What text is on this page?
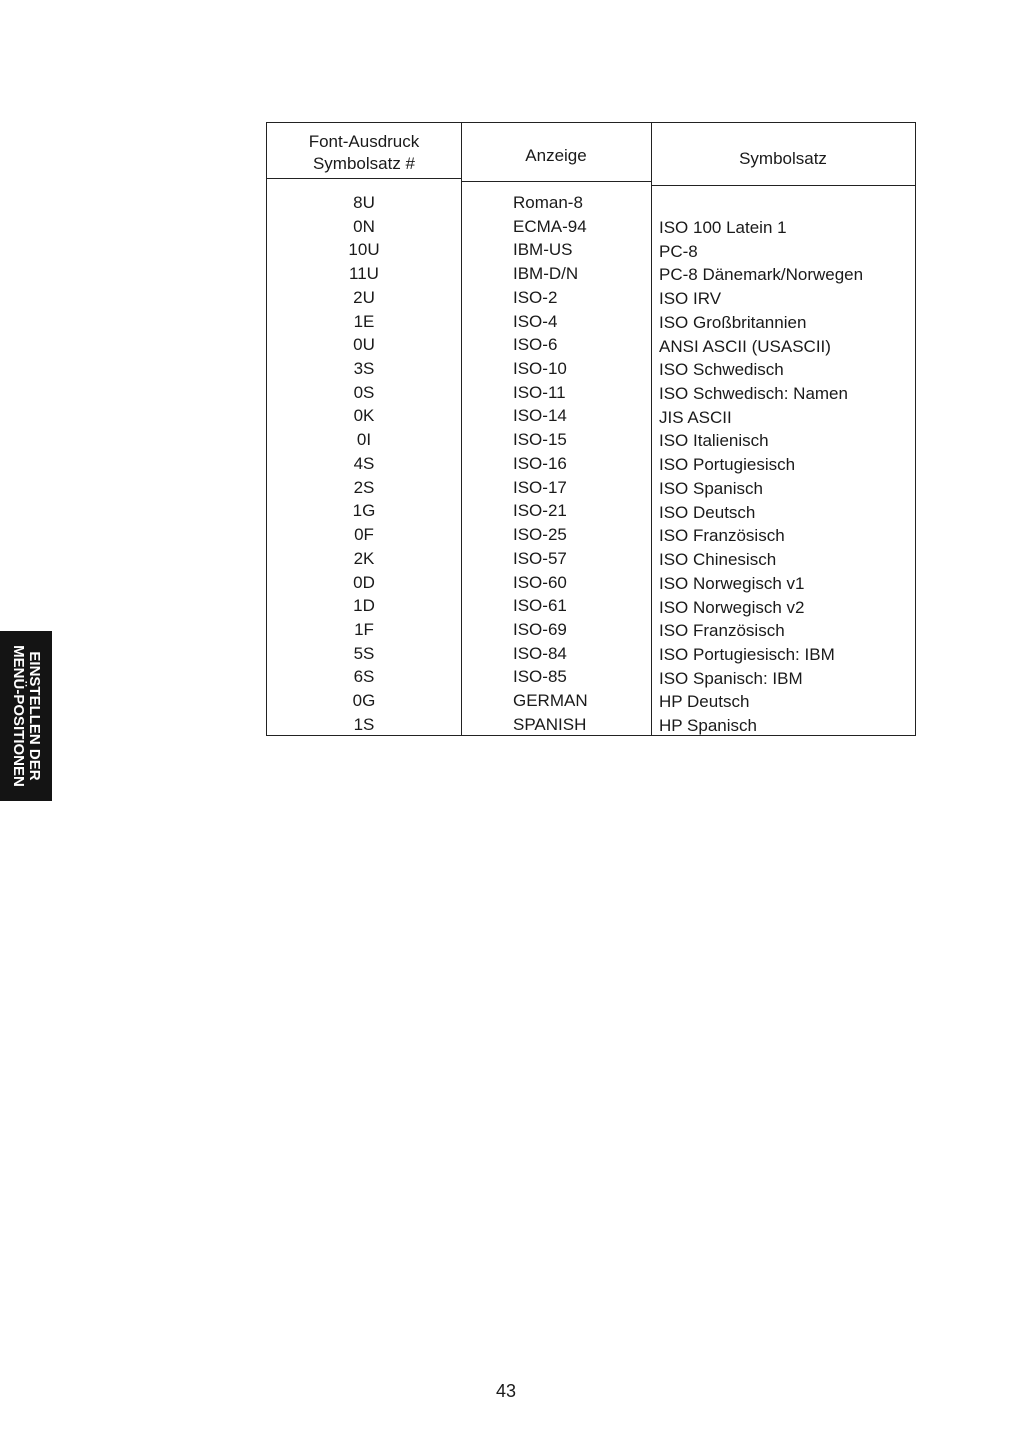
Font-Ausdruck
Symbolsatz #	Anzeige	Symbolsatz
8U
0N
10U
11U
2U
1E
0U
3S
0S
0K
0I
4S
2S
1G
0F
2K
0D
1D
1F
5S
6S
0G
1S
Roman-8
ECMA-94
IBM-US
IBM-D/N
ISO-2
ISO-4
ISO-6
ISO-10
ISO-11
ISO-14
ISO-15
ISO-16
ISO-17
ISO-21
ISO-25
ISO-57
ISO-60
ISO-61
ISO-69
ISO-84
ISO-85
GERMAN
SPANISH
ISO 100 Latein 1
PC-8
PC-8 Dänemark/Norwegen
ISO IRV
ISO Großbritannien
ANSI ASCII (USASCII)
ISO Schwedisch
ISO Schwedisch: Namen
JIS ASCII
ISO Italienisch
ISO Portugiesisch
ISO Spanisch
ISO Deutsch
ISO Französisch
ISO Chinesisch
ISO Norwegisch v1
ISO Norwegisch v2
ISO Französisch
ISO Portugiesisch: IBM
ISO Spanisch: IBM
HP Deutsch
HP Spanisch
EINSTELLEN DER
MENÜ-POSITIONEN
43
